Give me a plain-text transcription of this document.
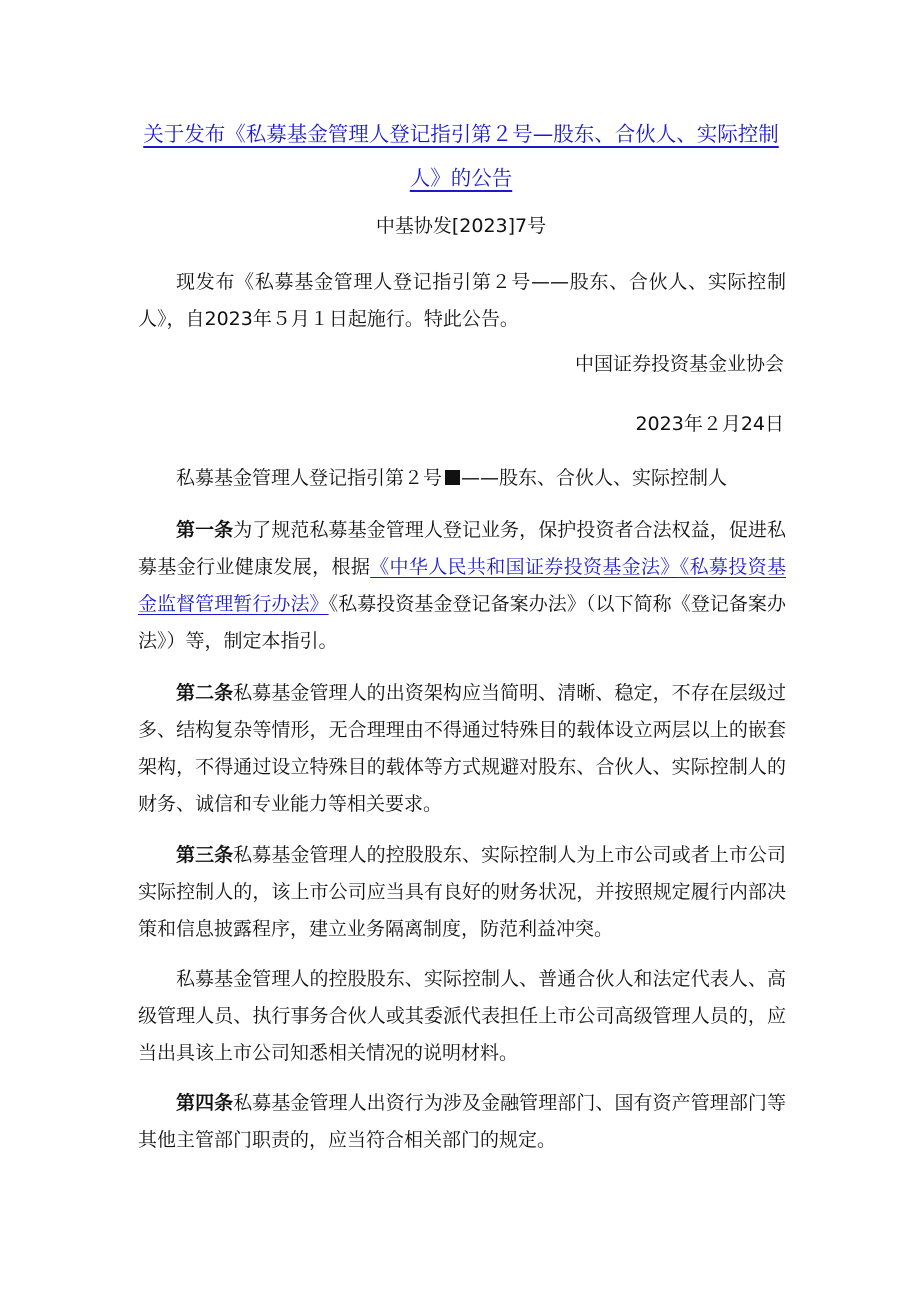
关于发布《私募基金管理人登记指引第２号—股东、合伙人、实际控制人》的公告
中基协发[2023]7号

现发布《私募基金管理人登记指引第２号——股东、合伙人、实际控制人》，自2023年５月１日起施行。特此公告。

中国证券投资基金业协会
2023年２月24日
私募基金管理人登记指引第２号 ——股东、合伙人、实际控制人

第一条为了规范私募基金管理人登记业务，保护投资者合法权益，促进私募基金行业健康发展，根据《中华人民共和国证券投资基金法》《私募投资基金监督管理暂行办法》《私募投资基金登记备案办法》（以下简称《登记备案办法》）等，制定本指引。

第二条私募基金管理人的出资架构应当简明、清晰、稳定，不存在层级过多、结构复杂等情形，无合理理由不得通过特殊目的载体设立两层以上的嵌套架构，不得通过设立特殊目的载体等方式规避对股东、合伙人、实际控制人的财务、诚信和专业能力等相关要求。

第三条私募基金管理人的控股股东、实际控制人为上市公司或者上市公司实际控制人的，该上市公司应当具有良好的财务状况，并按照规定履行内部决策和信息披露程序，建立业务隔离制度，防范利益冲突。

私募基金管理人的控股股东、实际控制人、普通合伙人和法定代表人、高级管理人员、执行事务合伙人或其委派代表担任上市公司高级管理人员的，应当出具该上市公司知悉相关情况的说明材料。

第四条私募基金管理人出资行为涉及金融管理部门、国有资产管理部门等其他主管部门职责的，应当符合相关部门的规定。
